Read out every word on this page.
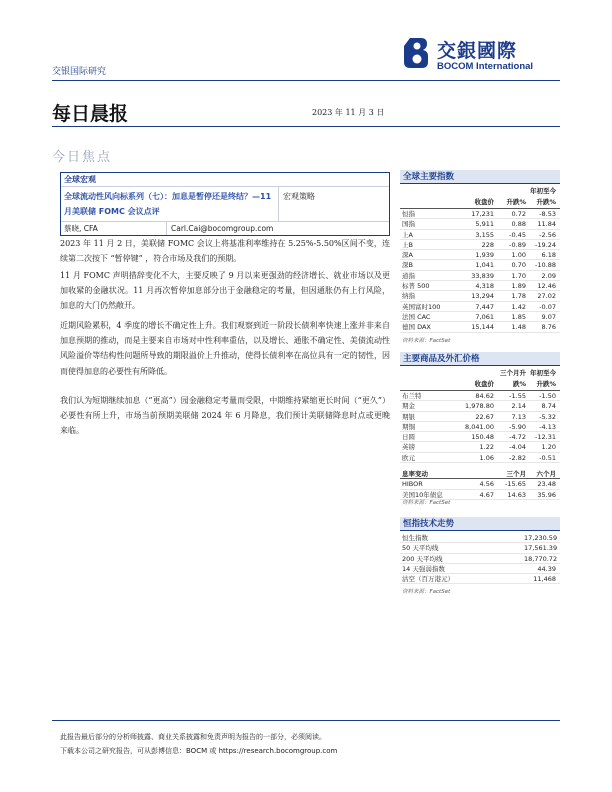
交銀國際
BOCOM International
交银国际研究
每日晨报	2023 年 11 月 3 日
今日焦点
全球宏观
全球流动性风向标系列（七）：加息是暂停还是终结？—11 月美联储 FOMC 会议点评
宏观策略
蔡晓, CFA	Carl.Cai@bocomgroup.com
2023 年 11 月 2 日，美联储 FOMC 会议上将基准利率维持在 5.25%-5.50%区间不变，连续第二次按下 “暂停键” ，符合市场及我们的预期。
11 月 FOMC 声明措辞变化不大，主要反映了 9 月以来更强劲的经济增长、就业市场以及更加收紧的金融状况。11 月再次暂停加息部分出于金融稳定的考量，但因通胀仍有上行风险，加息的大门仍然敞开。
近期风险累积，4 季度的增长不确定性上升。我们观察到近一阶段长债利率快速上涨并非来自加息预期的推动，而是主要来自市场对中性利率重估，以及增长、通胀不确定性、美债流动性风险溢价等结构性问题所导致的期限溢价上升推动，使得长债利率在高位具有一定的韧性，因而使得加息的必要性有所降低。
我们认为短期继续加息（“更高”）园金融稳定考量而受限，中期维持紧缩更长时间（“更久”）必要性有所上升，市场当前预期美联储 2024 年 6 月降息，我们预计美联储降息时点或更晚来临。
全球主要指数
收盘价	升跌%
年初至今升跌%
恒指	17,231	0.72	-8.53
国指	5,911	0.88	11.84
上A	3,155	-0.45	-2.56
上B	228	-0.89	-19.24
深A	1,939	1.00	6.18
深B	1,041	0.70	-10.88
道指	33,839	1.70	2.09
标普 500	4,318	1.89	12.46
纳指	13,294	1.78	27.02
英国富时100	7,447	1.42	-0.07
法国 CAC	7,061	1.85	9.07
德国 DAX	15,144	1.48	8.76
资料来源：FactSet
主要商品及外汇价格
收盘价
三个月升跌%
年初至今升跌%
布兰特	84.62	-1.55	-1.50
期金	1,978.80	2.14	8.74
期银	22.67	7.13	-5.32
期铜	8,041.00	-5.90	-4.13
日圆	150.48	-4.72	-12.31
英镑	1.22	-4.04	1.20
欧元	1.06	-2.82	-0.51
息率变动	三个月	六个月
HIBOR	4.56	-15.65	23.48
美国10年债息	4.67	14.63	35.96
资料来源：FactSet
恒指技术走势
恒生指数	17,230.59
50 天平均线	17,561.39
200 天平均线	18,770.72
14 天强弱指数	44.39
沽空（百万港元）	11,468
资料来源：FactSet
此报告最后部分的分析师披露、商业关系披露和免责声明为报告的一部分，必须阅读。
下载本公司之研究报告，可从彭博信息：BOCM 或 https://research.bocomgroup.com
